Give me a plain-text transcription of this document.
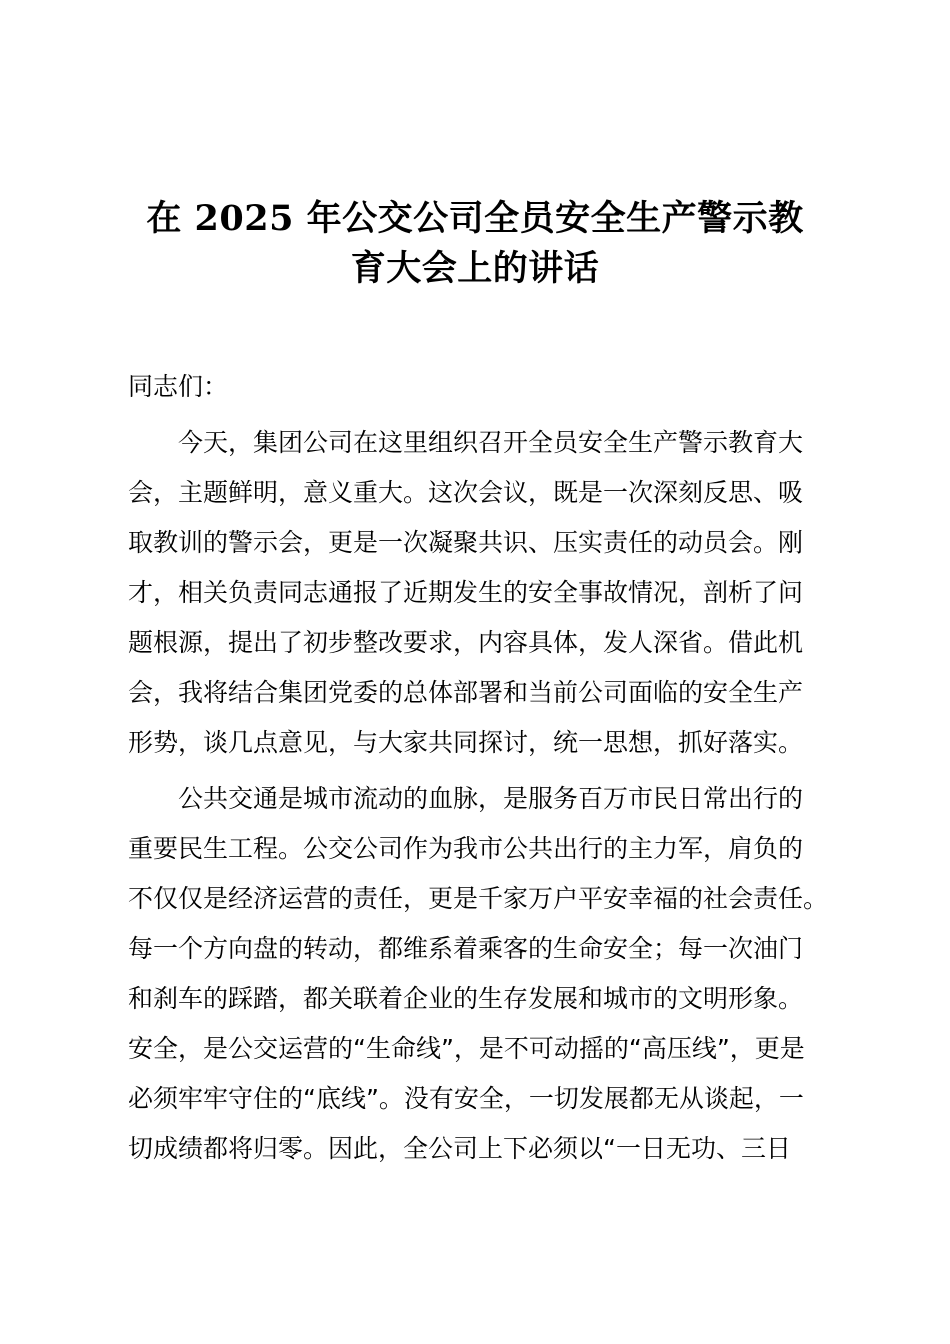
在 2025 年公交公司全员安全生产警示教
育大会上的讲话
同志们：
　　今天，集团公司在这里组织召开全员安全生产警示教育大
会，主题鲜明，意义重大。这次会议，既是一次深刻反思、吸
取教训的警示会，更是一次凝聚共识、压实责任的动员会。刚
才，相关负责同志通报了近期发生的安全事故情况，剖析了问
题根源，提出了初步整改要求，内容具体，发人深省。借此机
会，我将结合集团党委的总体部署和当前公司面临的安全生产
形势，谈几点意见，与大家共同探讨，统一思想，抓好落实。
　　公共交通是城市流动的血脉，是服务百万市民日常出行的
重要民生工程。公交公司作为我市公共出行的主力军，肩负的
不仅仅是经济运营的责任，更是千家万户平安幸福的社会责任。
每一个方向盘的转动，都维系着乘客的生命安全；每一次油门
和刹车的踩踏，都关联着企业的生存发展和城市的文明形象。
安全，是公交运营的“生命线”，是不可动摇的“高压线”，更是
必须牢牢守住的“底线”。没有安全，一切发展都无从谈起，一
切成绩都将归零。因此，全公司上下必须以“一日无功、三日
